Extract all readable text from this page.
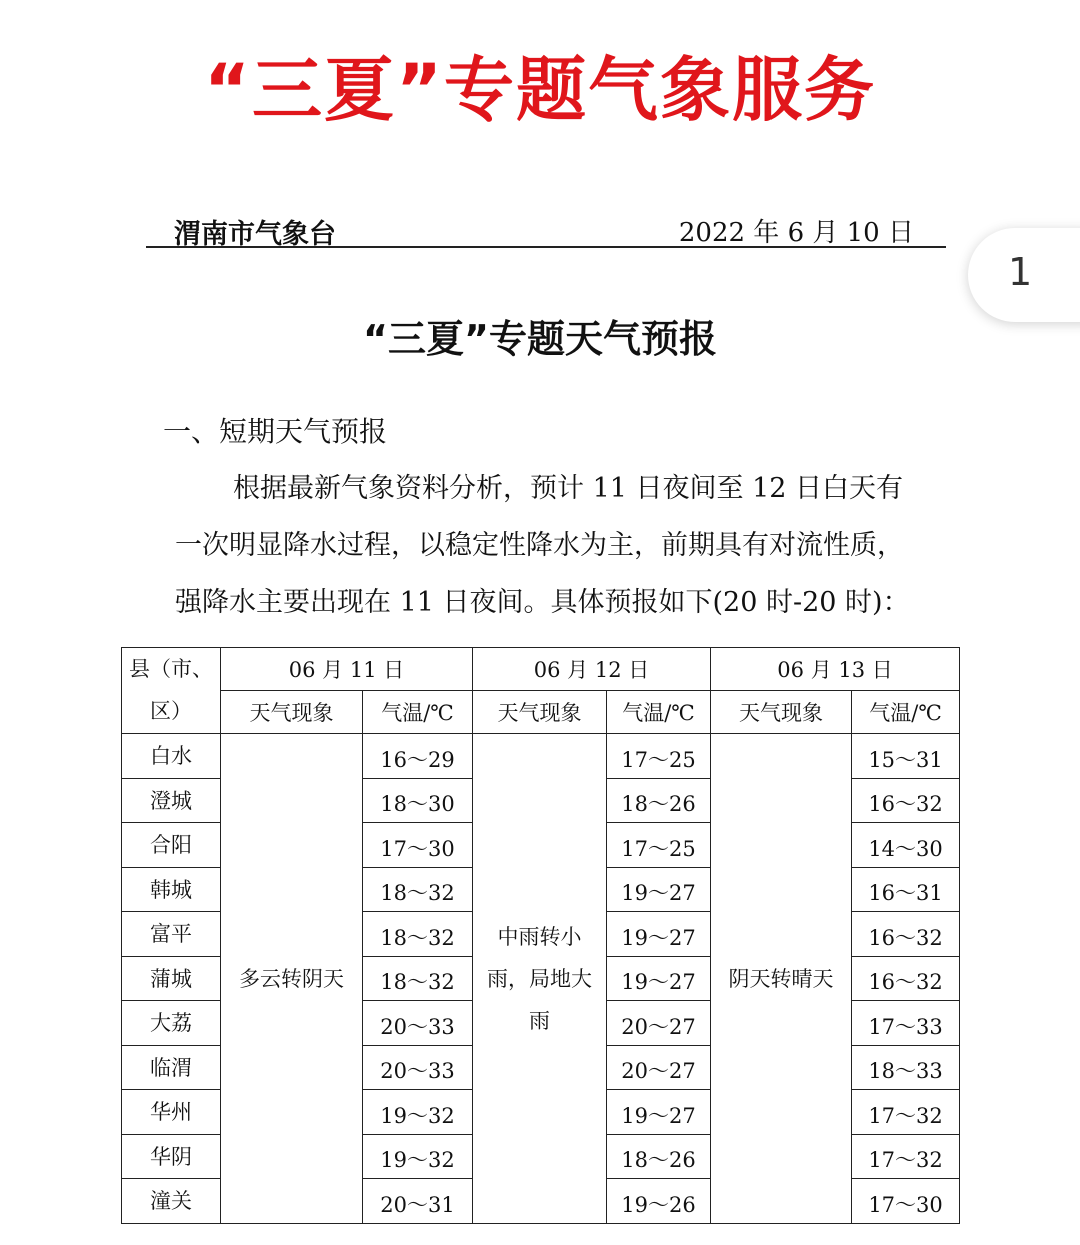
“三夏”专题气象服务
渭南市气象台	2022 年 6 月 10 日
1
“三夏”专题天气预报
一、短期天气预报
根据最新气象资料分析，预计 11 日夜间至 12 日白天有
一次明显降水过程，以稳定性降水为主，前期具有对流性质，
强降水主要出现在 11 日夜间。具体预报如下(20 时-20 时)：
县（市、区）	06 月 11 日		06 月 12 日		06 月 13 日	
	天气现象	气温/℃	天气现象	气温/℃	天气现象	气温/℃
白水	多云转阴天	16～29	中雨转小雨，局地大雨	17～25	阴天转晴天	15～31
澄城		18～30		18～26		16～32
合阳		17～30		17～25		14～30
韩城		18～32		19～27		16～31
富平		18～32		19～27		16～32
蒲城		18～32		19～27		16～32
大荔		20～33		20～27		17～33
临渭		20～33		20～27		18～33
华州		19～32		19～27		17～32
华阴		19～32		18～26		17～32
潼关		20～31		19～26		17～30
